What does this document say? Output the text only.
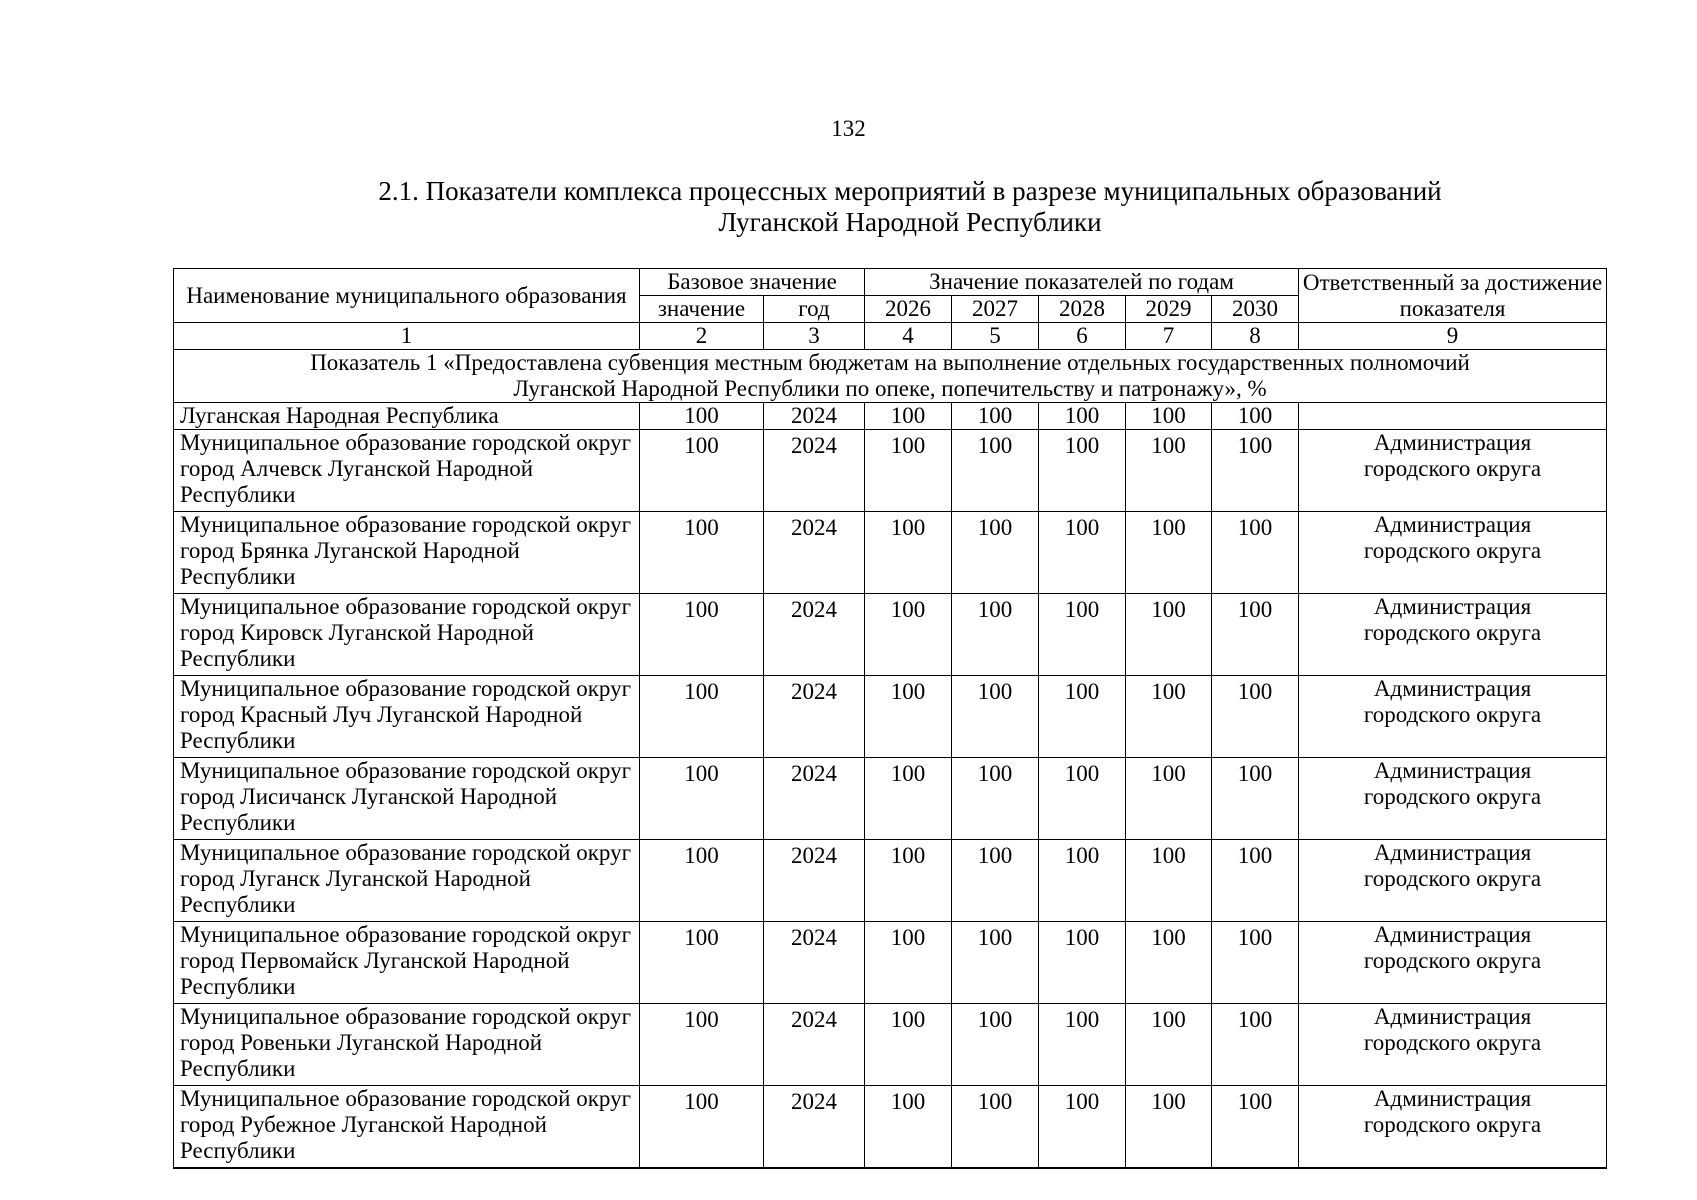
132
2.1. Показатели комплекса процессных мероприятий в разрезе муниципальных образований
Луганской Народной Республики
Наименование муниципального образования	Базовое значение		Значение показателей по годам					Ответственный за достижение показателя
	значение	год	2026	2027	2028	2029	2030	
1	2	3	4	5	6	7	8	9

Показатель 1 «Предоставлена субвенция местным бюджетам на выполнение отдельных государственных полномочий
Луганской Народной Республики по опеке, попечительству и патронажу», %								

Луганская Народная Республика	100	2024	100	100	100	100	100	
Муниципальное образование городской округ город Алчевск Луганской Народной Республики	100	2024	100	100	100	100	100	Администрация
городского округа

Муниципальное образование городской округ город Брянка Луганской Народной Республики	100	2024	100	100	100	100	100	Администрация
городского округа

Муниципальное образование городской округ город Кировск Луганской Народной Республики	100	2024	100	100	100	100	100	Администрация
городского округа

Муниципальное образование городской округ город Красный Луч Луганской Народной Республики	100	2024	100	100	100	100	100	Администрация
городского округа

Муниципальное образование городской округ город Лисичанск Луганской Народной Республики	100	2024	100	100	100	100	100	Администрация
городского округа

Муниципальное образование городской округ город Луганск Луганской Народной Республики	100	2024	100	100	100	100	100	Администрация
городского округа

Муниципальное образование городской округ город Первомайск Луганской Народной Республики	100	2024	100	100	100	100	100	Администрация
городского округа

Муниципальное образование городской округ город Ровеньки Луганской Народной Республики	100	2024	100	100	100	100	100	Администрация
городского округа

Муниципальное образование городской округ город Рубежное Луганской Народной Республики	100	2024	100	100	100	100	100	Администрация
городского округа
